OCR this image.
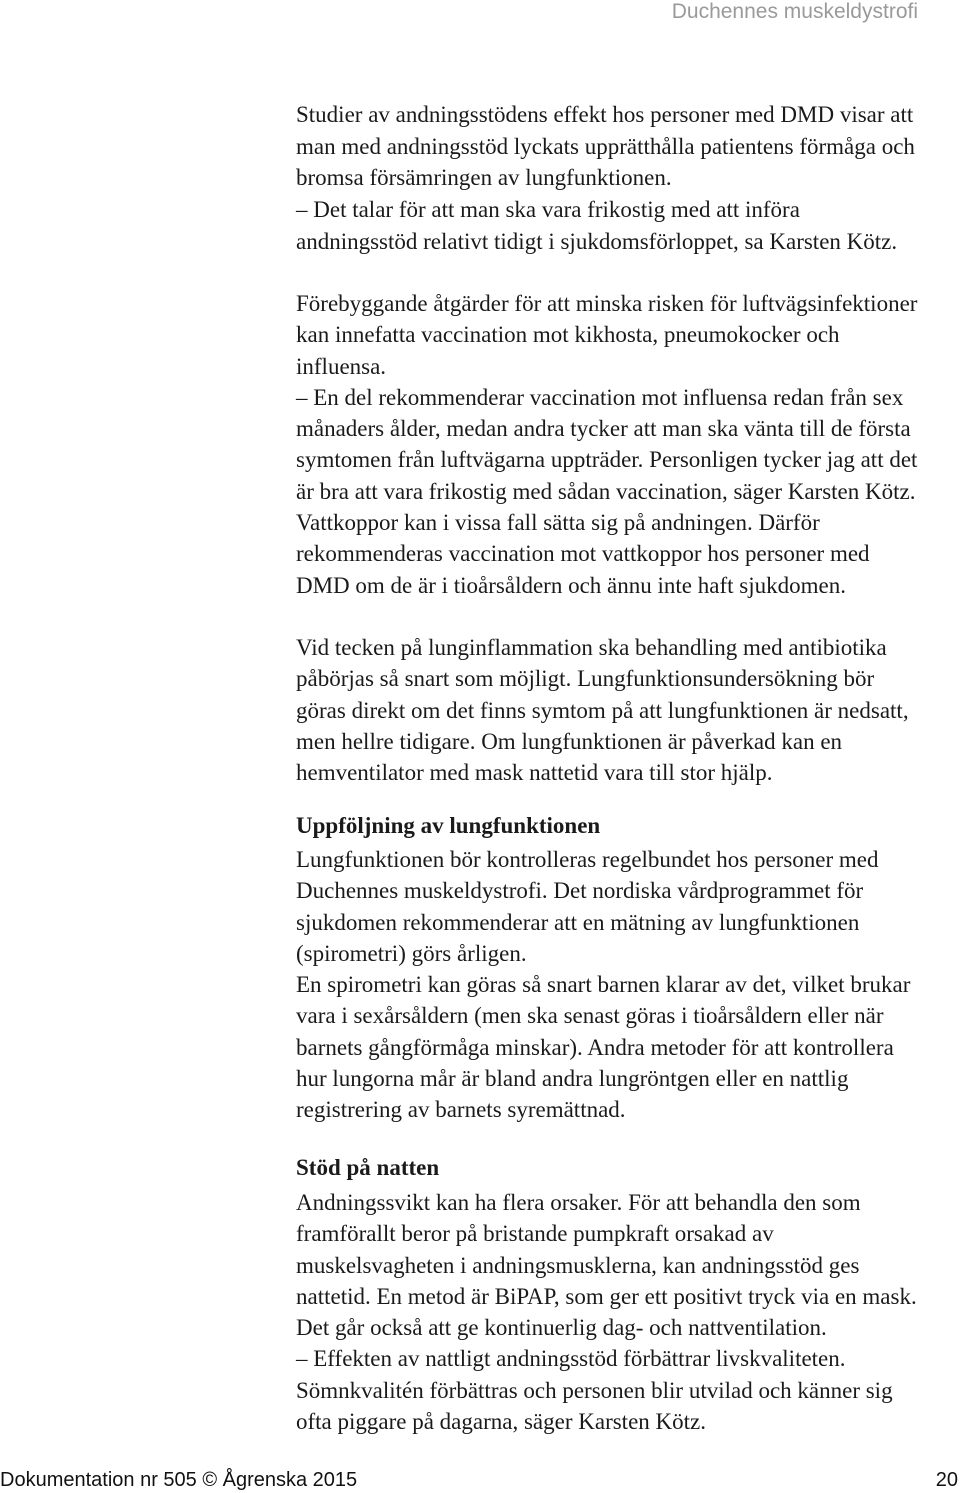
Duchennes muskeldystrofi
Studier av andningsstödens effekt hos personer med DMD visar att
man med andningsstöd lyckats upprätthålla patientens förmåga och
bromsa försämringen av lungfunktionen.
– Det talar för att man ska vara frikostig med att införa
andningsstöd relativt tidigt i sjukdomsförloppet, sa Karsten Kötz.
Förebyggande åtgärder för att minska risken för luftvägsinfektioner
kan innefatta vaccination mot kikhosta, pneumokocker och
influensa.
– En del rekommenderar vaccination mot influensa redan från sex
månaders ålder, medan andra tycker att man ska vänta till de första
symtomen från luftvägarna uppträder. Personligen tycker jag att det
är bra att vara frikostig med sådan vaccination, säger Karsten Kötz.
Vattkoppor kan i vissa fall sätta sig på andningen. Därför
rekommenderas vaccination mot vattkoppor hos personer med
DMD om de är i tioårsåldern och ännu inte haft sjukdomen.
Vid tecken på lunginflammation ska behandling med antibiotika
påbörjas så snart som möjligt. Lungfunktionsundersökning bör
göras direkt om det finns symtom på att lungfunktionen är nedsatt,
men hellre tidigare. Om lungfunktionen är påverkad kan en
hemventilator med mask nattetid vara till stor hjälp.
Uppföljning av lungfunktionen
Lungfunktionen bör kontrolleras regelbundet hos personer med
Duchennes muskeldystrofi. Det nordiska vårdprogrammet för
sjukdomen rekommenderar att en mätning av lungfunktionen
(spirometri) görs årligen.
En spirometri kan göras så snart barnen klarar av det, vilket brukar
vara i sexårsåldern (men ska senast göras i tioårsåldern eller när
barnets gångförmåga minskar). Andra metoder för att kontrollera
hur lungorna mår är bland andra lungröntgen eller en nattlig
registrering av barnets syremättnad.
Stöd på natten
Andningssvikt kan ha flera orsaker. För att behandla den som
framförallt beror på bristande pumpkraft orsakad av
muskelsvagheten i andningsmusklerna, kan andningsstöd ges
nattetid. En metod är BiPAP, som ger ett positivt tryck via en mask.
Det går också att ge kontinuerlig dag- och nattventilation.
– Effekten av nattligt andningsstöd förbättrar livskvaliteten.
Sömnkvalitén förbättras och personen blir utvilad och känner sig
ofta piggare på dagarna, säger Karsten Kötz.
Dokumentation nr 505 © Ågrenska 2015	20
